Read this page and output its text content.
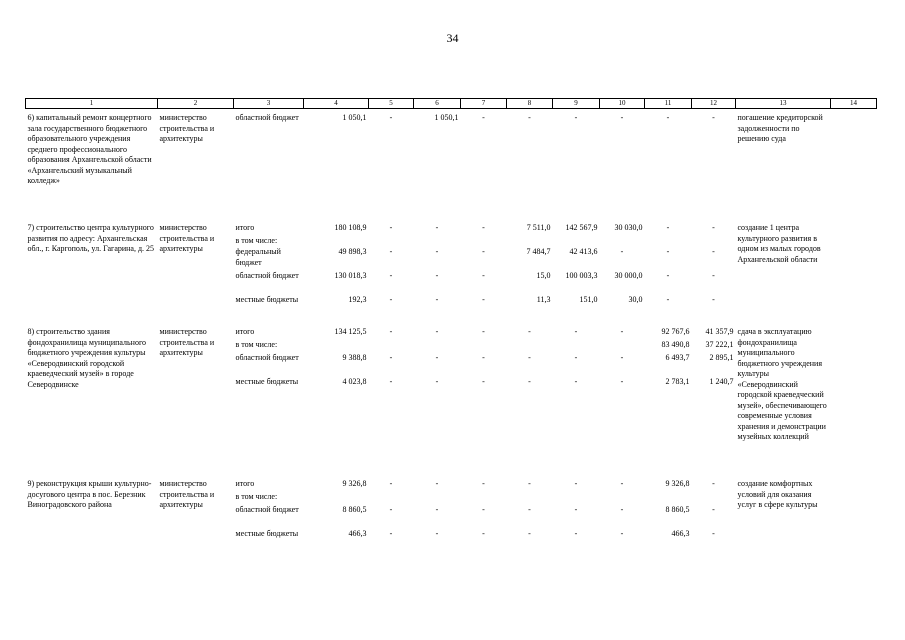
34
1	2	3	4	5	6	7	8	9	10	11	12	13	14

6) капитальный ремонт концертного зала государственного бюджетного образовательного учреждения среднего профессионального образования Архангельской области «Архангельский музыкальный колледж»	министерство строительства и архитектуры	областной бюджет	1 050,1	-	1 050,1	-	-	-	-	-	-	погашение кредиторской задолженности по решению суда	

7) строительство центра культурного развития по адресу: Архангельская обл., г. Каргополь, ул. Гагарина, д. 25	министерство строительства и архитектуры	итого	180 108,9	-	-	-	7 511,0	142 567,9	30 030,0	-	-	создание 1 центра культурного развития в одном из малых городов Архангельской области	
		в том числе:											
		федеральный бюджет	49 898,3	-	-	-	7 484,7	42 413,6	-	-	-		
		областной бюджет	130 018,3	-	-	-	15,0	100 003,3	30 000,0	-	-		
		местные бюджеты	192,3	-	-	-	11,3	151,0	30,0	-	-		

8) строительство здания фондохранилища муниципального бюджетного учреждения культуры «Северодвинский городской краеведческий музей» в городе Северодвинске	министерство строительства и архитектуры	итого	134 125,5	-	-	-	-	-	-	92 767,6	41 357,9	сдача в эксплуатацию фондохранилища муниципального бюджетного учреждения культуры «Северодвинский городской краеведческий музей», обеспечивающего современные условия хранения и демонстрации музейных коллекций	
		в том числе:								83 490,8	37 222,1		
		областной бюджет	9 388,8	-	-	-	-	-	-	6 493,7	2 895,1		
		местные бюджеты	4 023,8	-	-	-	-	-	-	2 783,1	1 240,7		

9) реконструкция крыши культурно-досугового центра в пос. Березник Виноградовского района	министерство строительства и архитектуры	итого	9 326,8	-	-	-	-	-	-	9 326,8	-	создание комфортных условий для оказания услуг в сфере культуры	
		в том числе:											
		областной бюджет	8 860,5	-	-	-	-	-	-	8 860,5	-		
		местные бюджеты	466,3	-	-	-	-	-	-	466,3	-		
